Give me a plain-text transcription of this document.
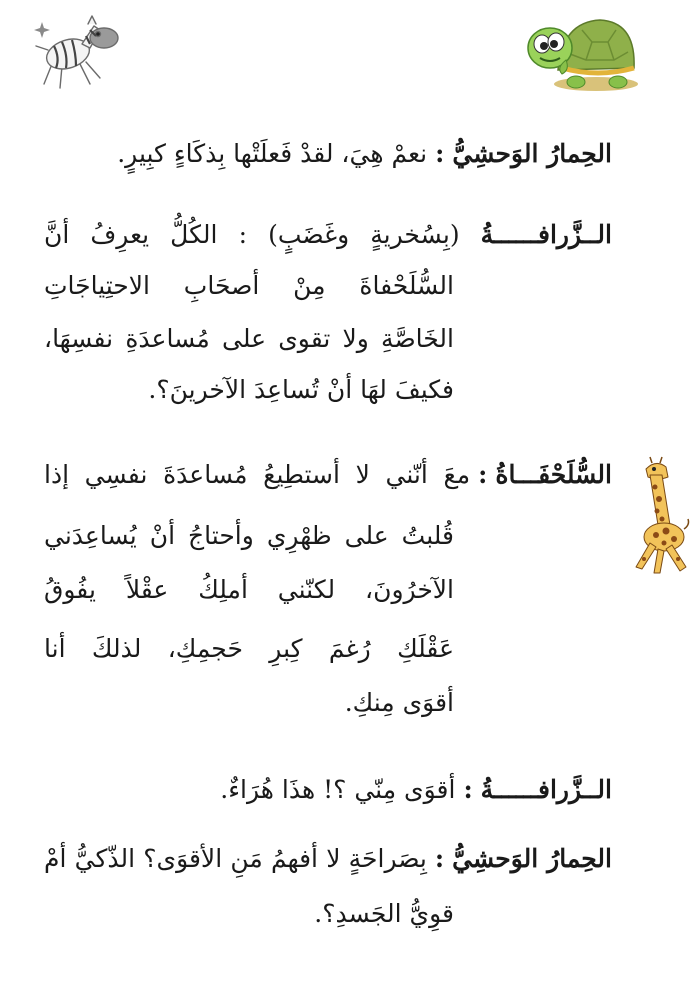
الحِمارُ الوَحشِيُّ:نعمْ هِيَ، لقدْ فَعلَتْها بِذكَاءٍ كبِيرٍ.
الــزَّرافــــــةُ (بِسُخريةٍ وغَضَبٍ) : الكُلُّ يعرِفُ أنَّ
السُّلَحْفاةَ مِنْ أصحَابِ الاحتِياجَاتِ
الخَاصَّةِ ولا تقوى على مُساعدَةِ نفسِهَا،
فكيفَ لهَا أنْ تُساعِدَ الآخرينَ؟.
السُّلَحْفَـــاةُ:معَ أنّني لا أستطِيعُ مُساعدَةَ نفسِي إذا
قُلبتُ على ظهْرِي وأحتاجُ أنْ يُساعِدَني
الآخرُونَ، لكنّني أملِكُ عقْلاً يفُوقُ
عَقْلَكِ رُغمَ كِبرِ حَجمِكِ، لذلكَ أنا
أقوَى مِنكِ.
الــزَّرافــــــةُ:أقوَى مِنّي ؟! هذَا هُرَاءٌ.
الحِمارُ الوَحشِيُّ:بِصَراحَةٍ لا أفهمُ مَنِ الأقوَى؟ الذّكيُّ أمْ
قوِيُّ الجَسدِ؟.
